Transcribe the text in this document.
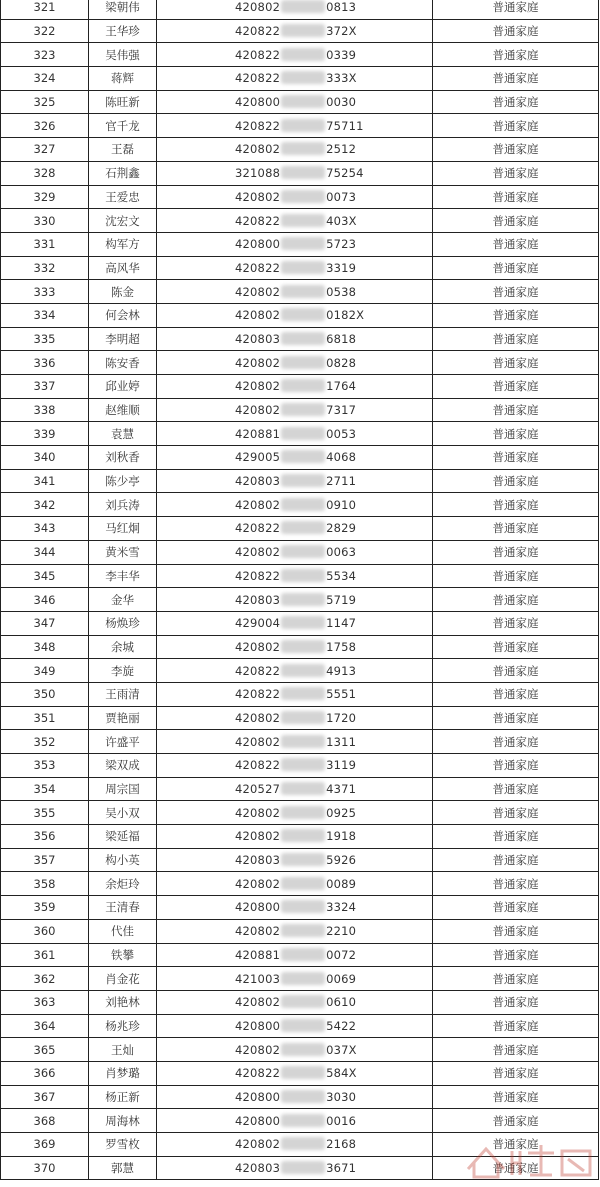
321	梁朝伟	420802 0813	普通家庭
322	王华珍	420822 372X	普通家庭
323	吴伟强	420822 0339	普通家庭
324	蒋辉	420822 333X	普通家庭
325	陈旺新	420800 0030	普通家庭
326	官千龙	420822 75711	普通家庭
327	王磊	420802 2512	普通家庭
328	石荆鑫	321088 75254	普通家庭
329	王爱忠	420802 0073	普通家庭
330	沈宏文	420822 403X	普通家庭
331	构军方	420800 5723	普通家庭
332	高风华	420822 3319	普通家庭
333	陈金	420802 0538	普通家庭
334	何会林	420802 0182X	普通家庭
335	李明超	420803 6818	普通家庭
336	陈安香	420802 0828	普通家庭
337	邱业婷	420802 1764	普通家庭
338	赵维顺	420802 7317	普通家庭
339	袁慧	420881 0053	普通家庭
340	刘秋香	429005 4068	普通家庭
341	陈少亭	420803 2711	普通家庭
342	刘兵涛	420802 0910	普通家庭
343	马红炯	420822 2829	普通家庭
344	黄米雪	420802 0063	普通家庭
345	李丰华	420822 5534	普通家庭
346	金华	420803 5719	普通家庭
347	杨焕珍	429004 1147	普通家庭
348	余城	420802 1758	普通家庭
349	李旋	420822 4913	普通家庭
350	王雨清	420822 5551	普通家庭
351	贾艳丽	420802 1720	普通家庭
352	许盛平	420802 1311	普通家庭
353	梁双成	420822 3119	普通家庭
354	周宗国	420527 4371	普通家庭
355	吴小双	420802 0925	普通家庭
356	梁延福	420802 1918	普通家庭
357	构小英	420803 5926	普通家庭
358	余炬玲	420802 0089	普通家庭
359	王清春	420800 3324	普通家庭
360	代佳	420802 2210	普通家庭
361	铁攀	420881 0072	普通家庭
362	肖金花	421003 0069	普通家庭
363	刘艳林	420802 0610	普通家庭
364	杨兆珍	420800 5422	普通家庭
365	王灿	420802 037X	普通家庭
366	肖梦璐	420822 584X	普通家庭
367	杨正新	420800 3030	普通家庭
368	周海林	420800 0016	普通家庭
369	罗雪枚	420802 2168	普通家庭
370	郭慧	420803 3671	普通家庭
